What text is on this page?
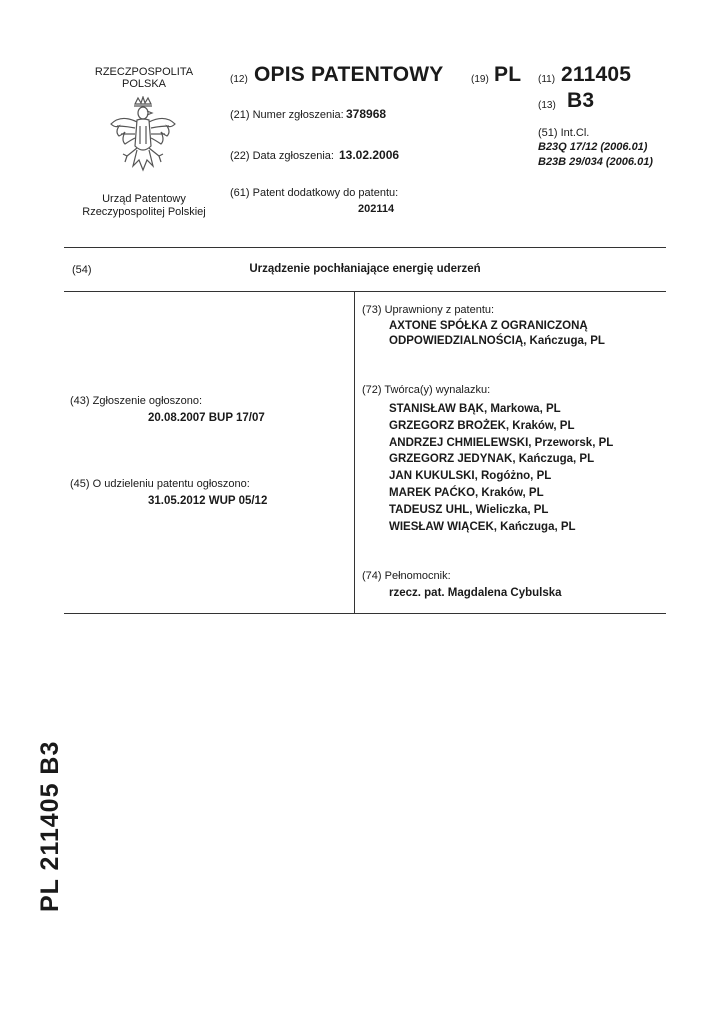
RZECZPOSPOLITA
POLSKA
Urząd Patentowy
Rzeczypospolitej Polskiej
(12) OPIS PATENTOWY	(19) PL (11) 211405
(13) B3
(21) Numer zgłoszenia: 378968
(22) Data zgłoszenia: 13.02.2006
(61) Patent dodatkowy do patentu:
202114
(51) Int.Cl.
B23Q 17/12 (2006.01)
B23B 29/034 (2006.01)
(54)	Urządzenie pochłaniające energię uderzeń
(43) Zgłoszenie ogłoszono:
20.08.2007 BUP 17/07
(45) O udzieleniu patentu ogłoszono:
31.05.2012 WUP 05/12
(73) Uprawniony z patentu:
AXTONE SPÓŁKA Z OGRANICZONĄ
ODPOWIEDZIALNOŚCIĄ, Kańczuga, PL
(72) Twórca(y) wynalazku:
STANISŁAW BĄK, Markowa, PL
GRZEGORZ BROŻEK, Kraków, PL
ANDRZEJ CHMIELEWSKI, Przeworsk, PL
GRZEGORZ JEDYNAK, Kańczuga, PL
JAN KUKULSKI, Rogóżno, PL
MAREK PAĆKO, Kraków, PL
TADEUSZ UHL, Wieliczka, PL
WIESŁAW WIĄCEK, Kańczuga, PL
(74) Pełnomocnik:
rzecz. pat. Magdalena Cybulska
PL 211405 B3
